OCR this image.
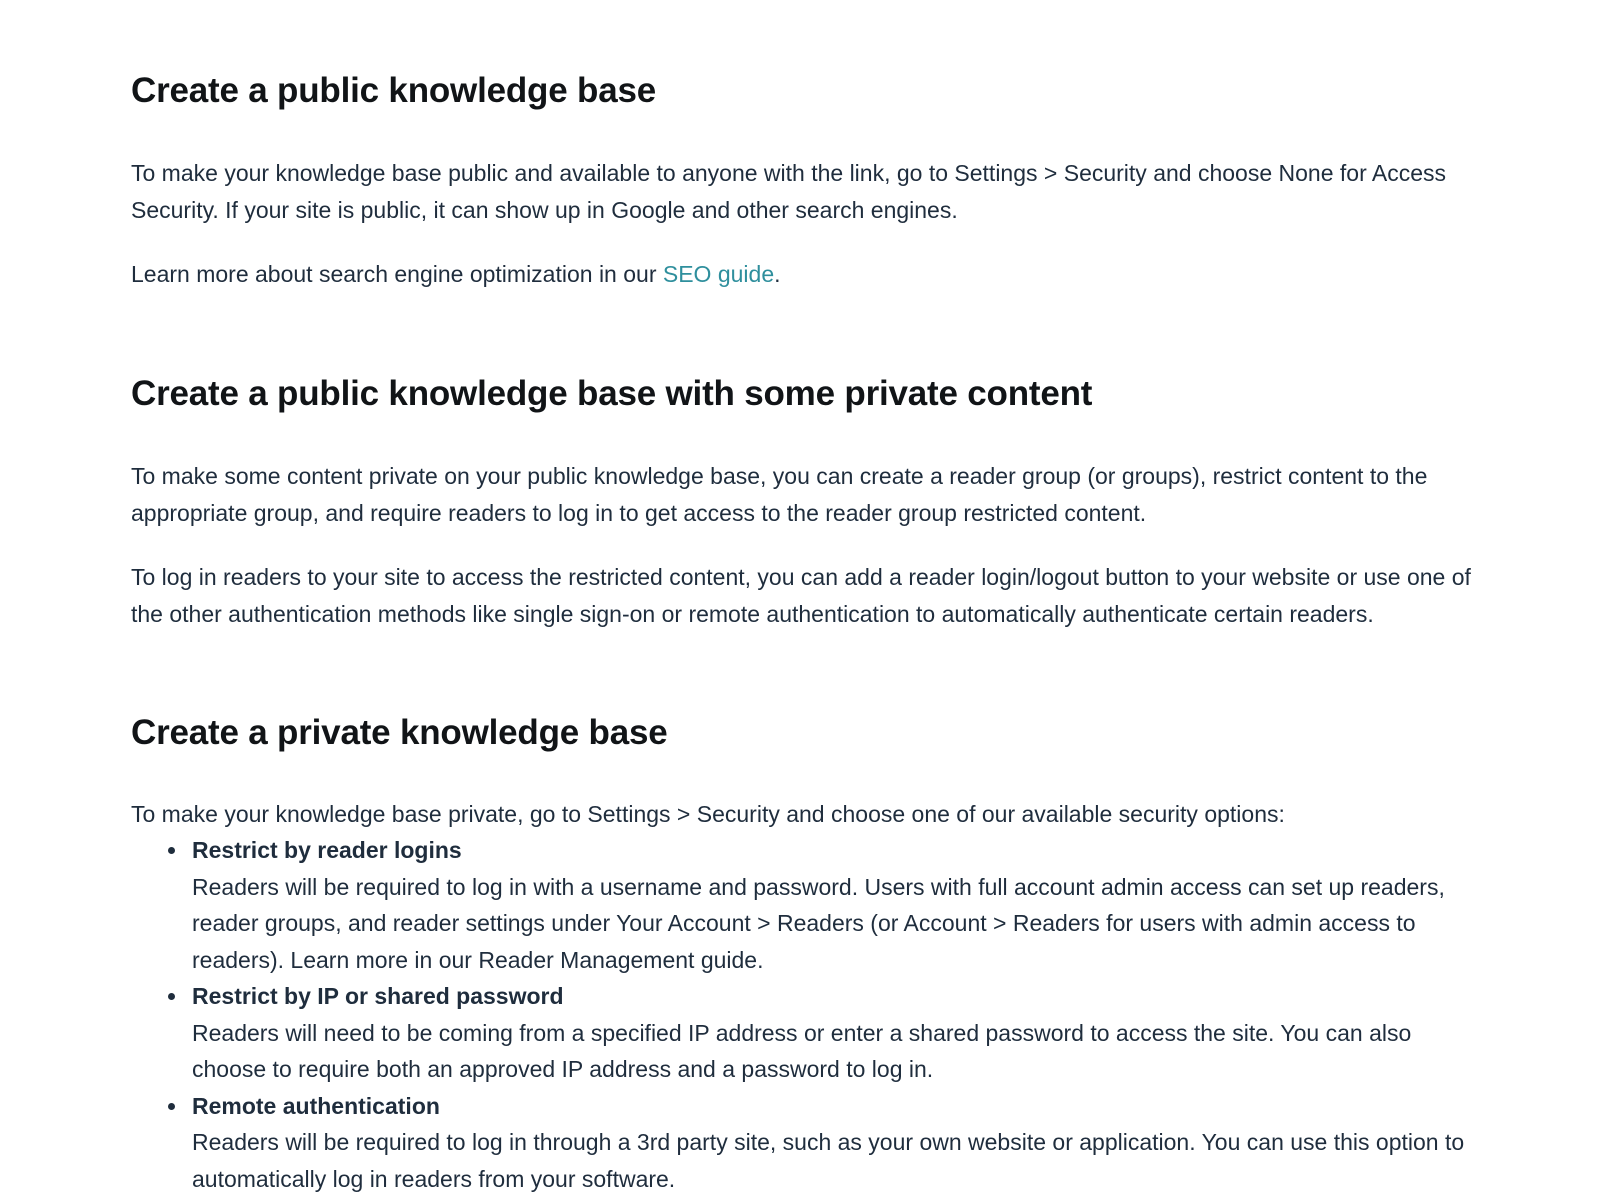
Create a public knowledge base

To make your knowledge base public and available to anyone with the link, go to Settings > Security and choose None for Access Security. If your site is public, it can show up in Google and other search engines.

Learn more about search engine optimization in our SEO guide.

Create a public knowledge base with some private content

To make some content private on your public knowledge base, you can create a reader group (or groups), restrict content to the appropriate group, and require readers to log in to get access to the reader group restricted content.

To log in readers to your site to access the restricted content, you can add a reader login/logout button to your website or use one of the other authentication methods like single sign-on or remote authentication to automatically authenticate certain readers.

Create a private knowledge base

To make your knowledge base private, go to Settings > Security and choose one of our available security options:

Restrict by reader logins
Readers will be required to log in with a username and password. Users with full account admin access can set up readers, reader groups, and reader settings under Your Account > Readers (or Account > Readers for users with admin access to readers). Learn more in our Reader Management guide.
Restrict by IP or shared password
Readers will need to be coming from a specified IP address or enter a shared password to access the site. You can also choose to require both an approved IP address and a password to log in.
Remote authentication
Readers will be required to log in through a 3rd party site, such as your own website or application. You can use this option to automatically log in readers from your software.
